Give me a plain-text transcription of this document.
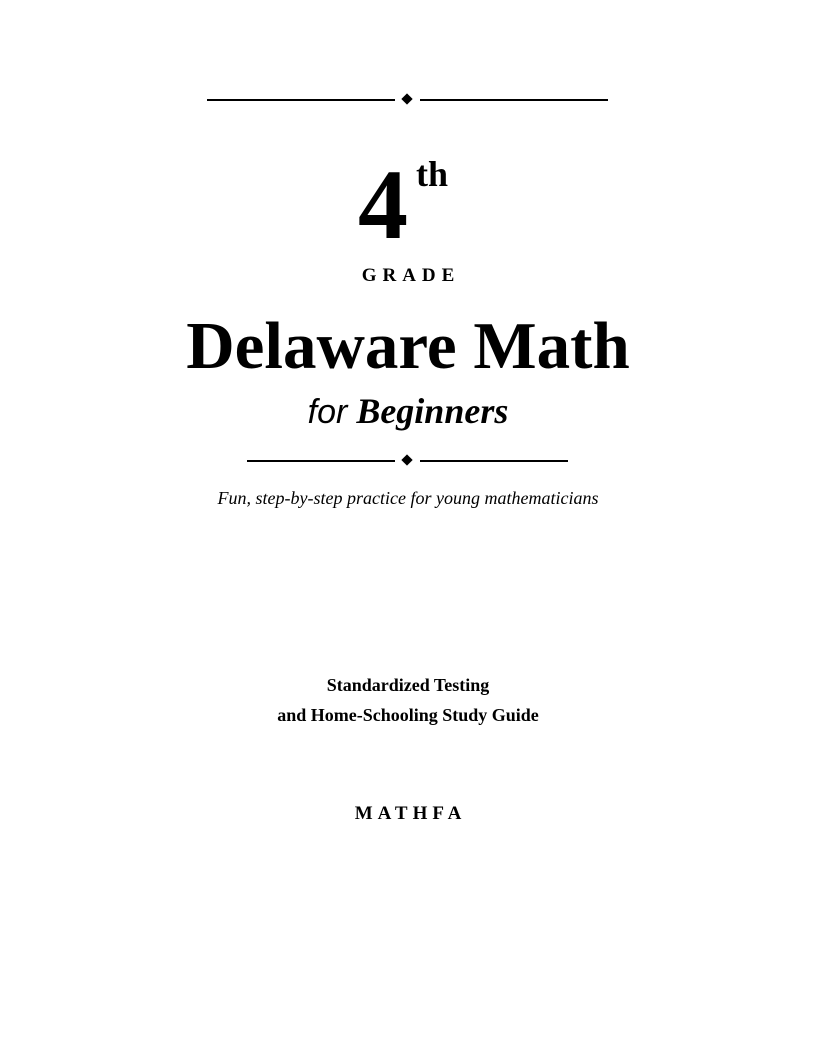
4 th
GRADE
Delaware Math
for Beginners
Fun, step-by-step practice for young mathematicians
Standardized Testing
and Home-Schooling Study Guide
MATHFA
